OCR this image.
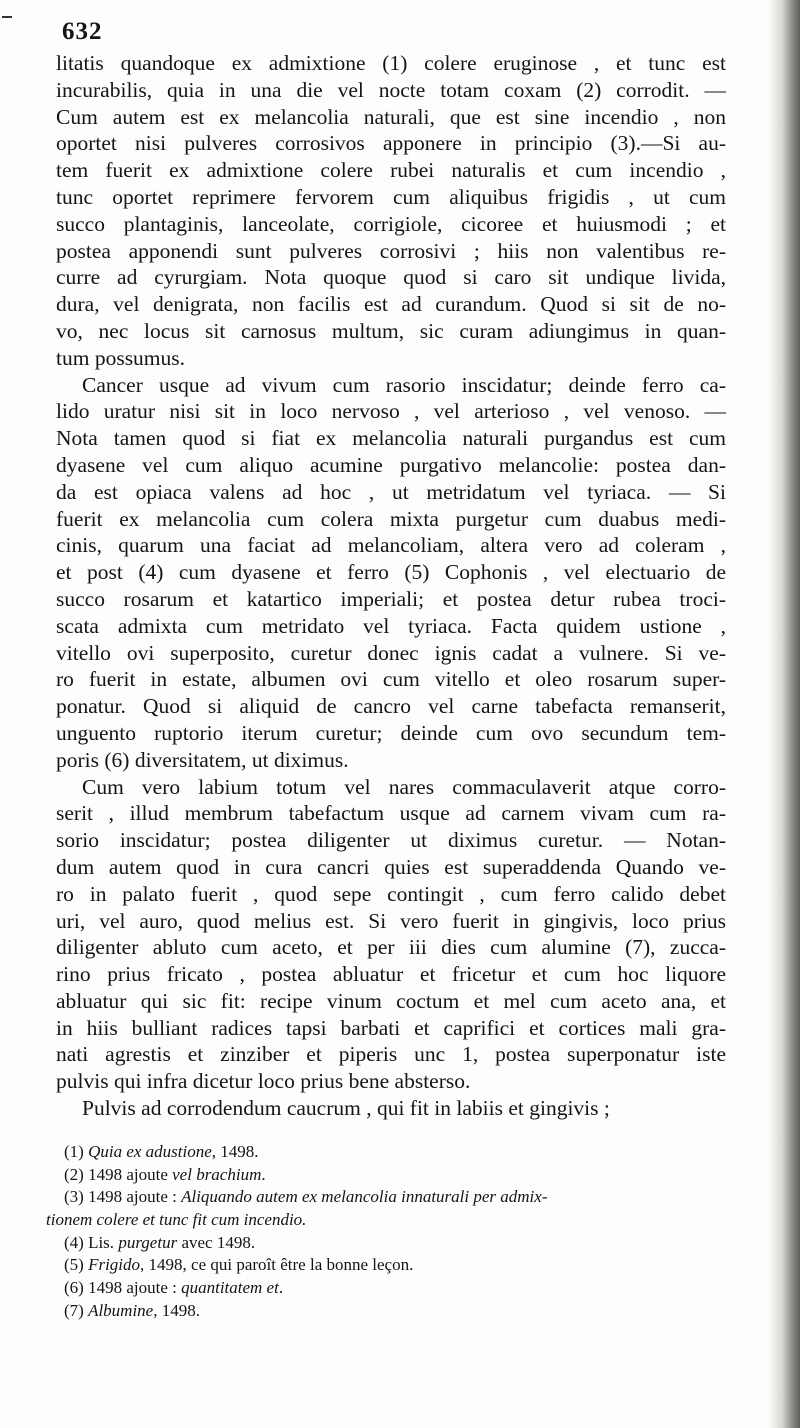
632
litatis quandoque ex admixtione (1) colere eruginose , et tunc est
incurabilis, quia in una die vel nocte totam coxam (2) corrodit. —
Cum autem est ex melancolia naturali, que est sine incendio , non
oportet nisi pulveres corrosivos apponere in principio (3).—Si au-
tem fuerit ex admixtione colere rubei naturalis et cum incendio ,
tunc oportet reprimere fervorem cum aliquibus frigidis , ut cum
succo plantaginis, lanceolate, corrigiole, cicoree et huiusmodi ; et
postea apponendi sunt pulveres corrosivi ; hiis non valentibus re-
curre ad cyrurgiam. Nota quoque quod si caro sit undique livida,
dura, vel denigrata, non facilis est ad curandum. Quod si sit de no-
vo, nec locus sit carnosus multum, sic curam adiungimus in quan-
tum possumus.
Cancer usque ad vivum cum rasorio inscidatur; deinde ferro ca-
lido uratur nisi sit in loco nervoso , vel arterioso , vel venoso. —
Nota tamen quod si fiat ex melancolia naturali purgandus est cum
dyasene vel cum aliquo acumine purgativo melancolie: postea dan-
da est opiaca valens ad hoc , ut metridatum vel tyriaca. — Si
fuerit ex melancolia cum colera mixta purgetur cum duabus medi-
cinis, quarum una faciat ad melancoliam, altera vero ad coleram ,
et post (4) cum dyasene et ferro (5) Cophonis , vel electuario de
succo rosarum et katartico imperiali; et postea detur rubea troci-
scata admixta cum metridato vel tyriaca. Facta quidem ustione ,
vitello ovi superposito, curetur donec ignis cadat a vulnere. Si ve-
ro fuerit in estate, albumen ovi cum vitello et oleo rosarum super-
ponatur. Quod si aliquid de cancro vel carne tabefacta remanserit,
unguento ruptorio iterum curetur; deinde cum ovo secundum tem-
poris (6) diversitatem, ut diximus.
Cum vero labium totum vel nares commaculaverit atque corro-
serit , illud membrum tabefactum usque ad carnem vivam cum ra-
sorio inscidatur; postea diligenter ut diximus curetur. — Notan-
dum autem quod in cura cancri quies est superaddenda Quando ve-
ro in palato fuerit , quod sepe contingit , cum ferro calido debet
uri, vel auro, quod melius est. Si vero fuerit in gingivis, loco prius
diligenter abluto cum aceto, et per iii dies cum alumine (7), zucca-
rino prius fricato , postea abluatur et fricetur et cum hoc liquore
abluatur qui sic fit: recipe vinum coctum et mel cum aceto ana, et
in hiis bulliant radices tapsi barbati et caprifici et cortices mali gra-
nati agrestis et zinziber et piperis unc 1, postea superponatur iste
pulvis qui infra dicetur loco prius bene absterso.
Pulvis ad corrodendum caucrum , qui fit in labiis et gingivis ;
(1) Quia ex adustione, 1498.
(2) 1498 ajoute vel brachium.
(3) 1498 ajoute : Aliquando autem ex melancolia innaturali per admix-
tionem colere et tunc fit cum incendio.
(4) Lis. purgetur avec 1498.
(5) Frigido, 1498, ce qui paroît être la bonne leçon.
(6) 1498 ajoute : quantitatem et.
(7) Albumine, 1498.
